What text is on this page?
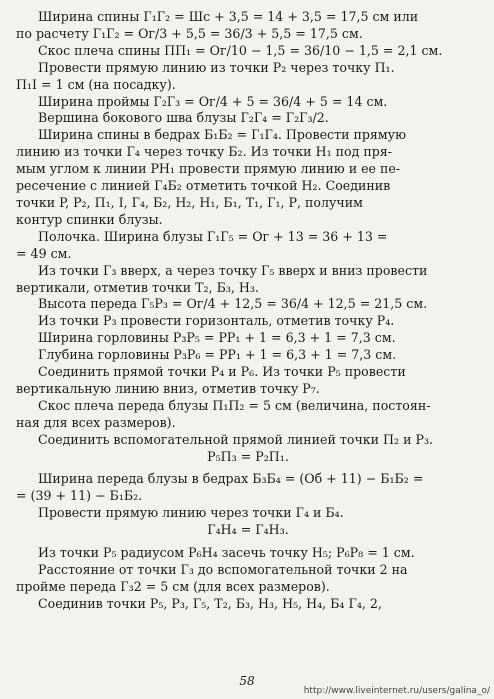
Ширина спины Г₁Г₂ = Шс + 3,5 = 14 + 3,5 = 17,5 см или

по расчету Г₁Г₂ = Ог/3 + 5,5 = 36/3 + 5,5 = 17,5 см.

Скос плеча спины ПП₁ = Ог/10 − 1,5 = 36/10 − 1,5 = 2,1 см.

Провести прямую линию из точки P₂ через точку П₁.

П₁I = 1 см (на посадку).

Ширина проймы Г₂Г₃ = Ог/4 + 5 = 36/4 + 5 = 14 см.

Вершина бокового шва блузы Г₂Г₄ = Г₂Г₃/2.

Ширина спины в бедрах Б₁Б₂ = Г₁Г₄. Провести прямую

линию из точки Г₄ через точку Б₂. Из точки Н₁ под пря-

мым углом к линии PH₁ провести прямую линию и ее пе-

ресечение с линией Г₄Б₂ отметить точкой Н₂. Соединив

точки P, P₂, П₁, I, Г₄, Б₂, Н₂, Н₁, Б₁, Т₁, Г₁, Р, получим

контур спинки блузы.

Полочка. Ширина блузы Г₁Г₅ = Ог + 13 = 36 + 13 =

= 49 см.

Из точки Г₃ вверх, а через точку Г₅ вверх и вниз провести

вертикали, отметив точки Т₂, Б₃, Н₃.

Высота переда Г₅Р₃ = Ог/4 + 12,5 = 36/4 + 12,5 = 21,5 см.

Из точки P₃ провести горизонталь, отметив точку P₄.

Ширина горловины P₃P₅ = PP₁ + 1 = 6,3 + 1 = 7,3 см.

Глубина горловины P₃P₆ = PP₁ + 1 = 6,3 + 1 = 7,3 см.

Соединить прямой точки P₄ и P₆. Из точки P₅ провести

вертикальную линию вниз, отметив точку P₇.

Скос плеча переда блузы П₁П₂ = 5 см (величина, постоян-

ная для всех размеров).

Соединить вспомогательной прямой линией точки П₂ и P₃.

P₅П₃ = P₂П₁.

Ширина переда блузы в бедрах Б₃Б₄ = (Об + 11) − Б₁Б₂ =

= (39 + 11) − Б₁Б₂.

Провести прямую линию через точки Г₄ и Б₄.

Г₄Н₄ = Г₄Н₃.

Из точки P₅ радиусом P₆Н₄ засечь точку Н₅; P₆P₈ = 1 см.

Расстояние от точки Г₃ до вспомогательной точки 2 на

пройме переда Г₃2 = 5 см (для всех размеров).

Соединив точки P₅, P₃, Г₅, Т₂, Б₃, Н₃, Н₅, Н₄, Б₄ Г₄, 2,

58
http://www.liveinternet.ru/users/galina_o/
